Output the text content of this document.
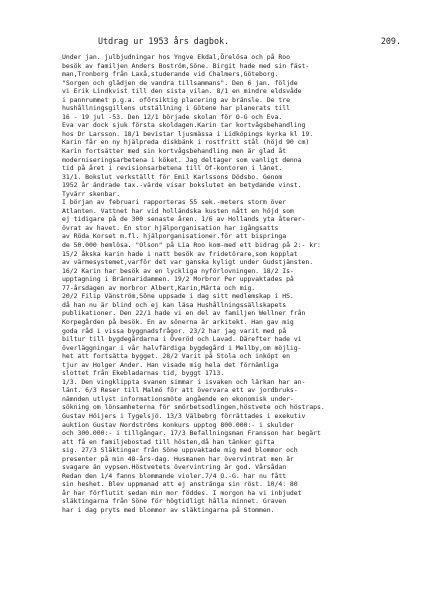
Utdrag ur 1953 års dagbok.

	209.

Under jan. julbjudningar hos Yngve Ekdal,Örelösa och på Roo
besök av familjen Anders Boström,Söne. Birgit hade med sin fäst-
man,Tronborg från Laxå,studerande vid Chalmers,Göteborg.
"Sorgen och glädjen de vandra tillsammans". Den 6 jan. följde
vi Erik Lindkvist till den sista vilan. 8/1 en mindre eldsvåde
i pannrummet p.g.a. oförsiktig placering av bränsle. De tre
hushållningsgillens utställning i Götene har planerats till
16 - 19 jul -53. Den 12/1 började skolan för O-G och Eva.
Eva var dock sjuk första skoldagen.Karin tar kortvågsbehandling
hos Dr Larsson. 18/1 bevistar ljusmässa i Lidköpings kyrka kl 19.
Karin får en ny hjälpreda diskbänk i rostfritt stål (höjd 90 cm)
Karin fortsätter med sin kortvågsbehandling men är glad åt
moderniseringsarbetena i köket. Jag deltager som vanligt denna
tid på året i revisionsarbetena till Of-kontoren i länet.
31/1. Bokslut verkställt för Emil Karlssons Dödsbo. Genom
1952 år ändrade tax.-värde visar bokslutet en betydande vinst.
Tyvärr skenbar.
I början av februari rapporteras 55 sek.-meters storm över
Atlanten. Vattnet har vid holländska kusten nått en höjd som
ej tidigare på de 300 senaste åren. 1/6 av Hollands yta återer-
övrat av havet. En stor hjälporganisation har igångsatts
av Röda Korset m.fl. hjälporganisationer.för att bispringa
de 50.000 hemlösa. "Olson" på Lia Roo kom-med ett bidrag på 2:- kr:
15/2 åkska karin hade i natt besök av fridetörare,som kopplat
av värmesystemet,varför det var ganska kyligt under Gudstjänsten.
16/2 Karin har besök av en lyckliga nyförlovningen. 18/2 Is-
upptagning i Brännaridammen. 19/2 Morbror Per uppvaktades på
77-årsdagen av morbror Albert,Karin,Märta och mig.
20/2 Filip Vänström,Söne uppsade i dag sitt medlemskap i HS.
då han nu är blind och ej kan läsa Hushållningssällskapets
publikationer. Den 22/1 hade vi en del av familjen Wellner från
Korpegården på besök. En av sönerna är arkitekt. Han gav mig
goda råd i vissa byggnadsfrågor. 23/2 har jag varit med på
biltur till bygdegårdarna i Överöd och Lavad. Därefter hade vi
överläggningar i vår halvfärdiga bygdegård i Mellby,om möjlig-
het att fortsätta bygget. 28/2 Varit på Stola och inköpt en
tjur av Holger Ander. Han visade mig hela det förnämliga
slottet från Ekebladarnas tid, byggt 1713.
1/3. Den vingklippta svanen simmar i isvaken och lärkan har an-
länt. 6/3 Reser till Malmö för att övervara ett av jordbruks-
nämnden utlyst informationsmöte angående en ekonomisk under-
sökning om lönsamheterna för smörbetsodlingen,höstvete och höstraps.
Gustav Höijers i Tygelsjö. 13/3 Välbebrg förrättades i exekutiv
auktion Gustav Nordströms konkurs upptog 800.000:- i skulder
och 300.000:- i tillgångar. 17/3 Befallningsman Fransson har begärt
att få en familjebostad till hösten,då han tänker gifta
sig. 27/3 Släktingar från Söne uppvaktade mig med blommor och
presenter på min 48-års-dag. Husmanen har övervintrat men är
svagare än vypsen.Höstvetets övervintring är god. Vårsådan
Redan den 1/4 fanns blommande violer.7/4 O.-G. har nu fått
sin heshet. Blev uppmanad att ej ansträngа sin röst. 10/4: 80
år har förflutit sedan min mor föddes. I morgon ha vi inbjudet
släktingarna från Söne för högtidligt hålla minnet. Graven
har i dag pryts med blommor av släktingarna på Stommen.
